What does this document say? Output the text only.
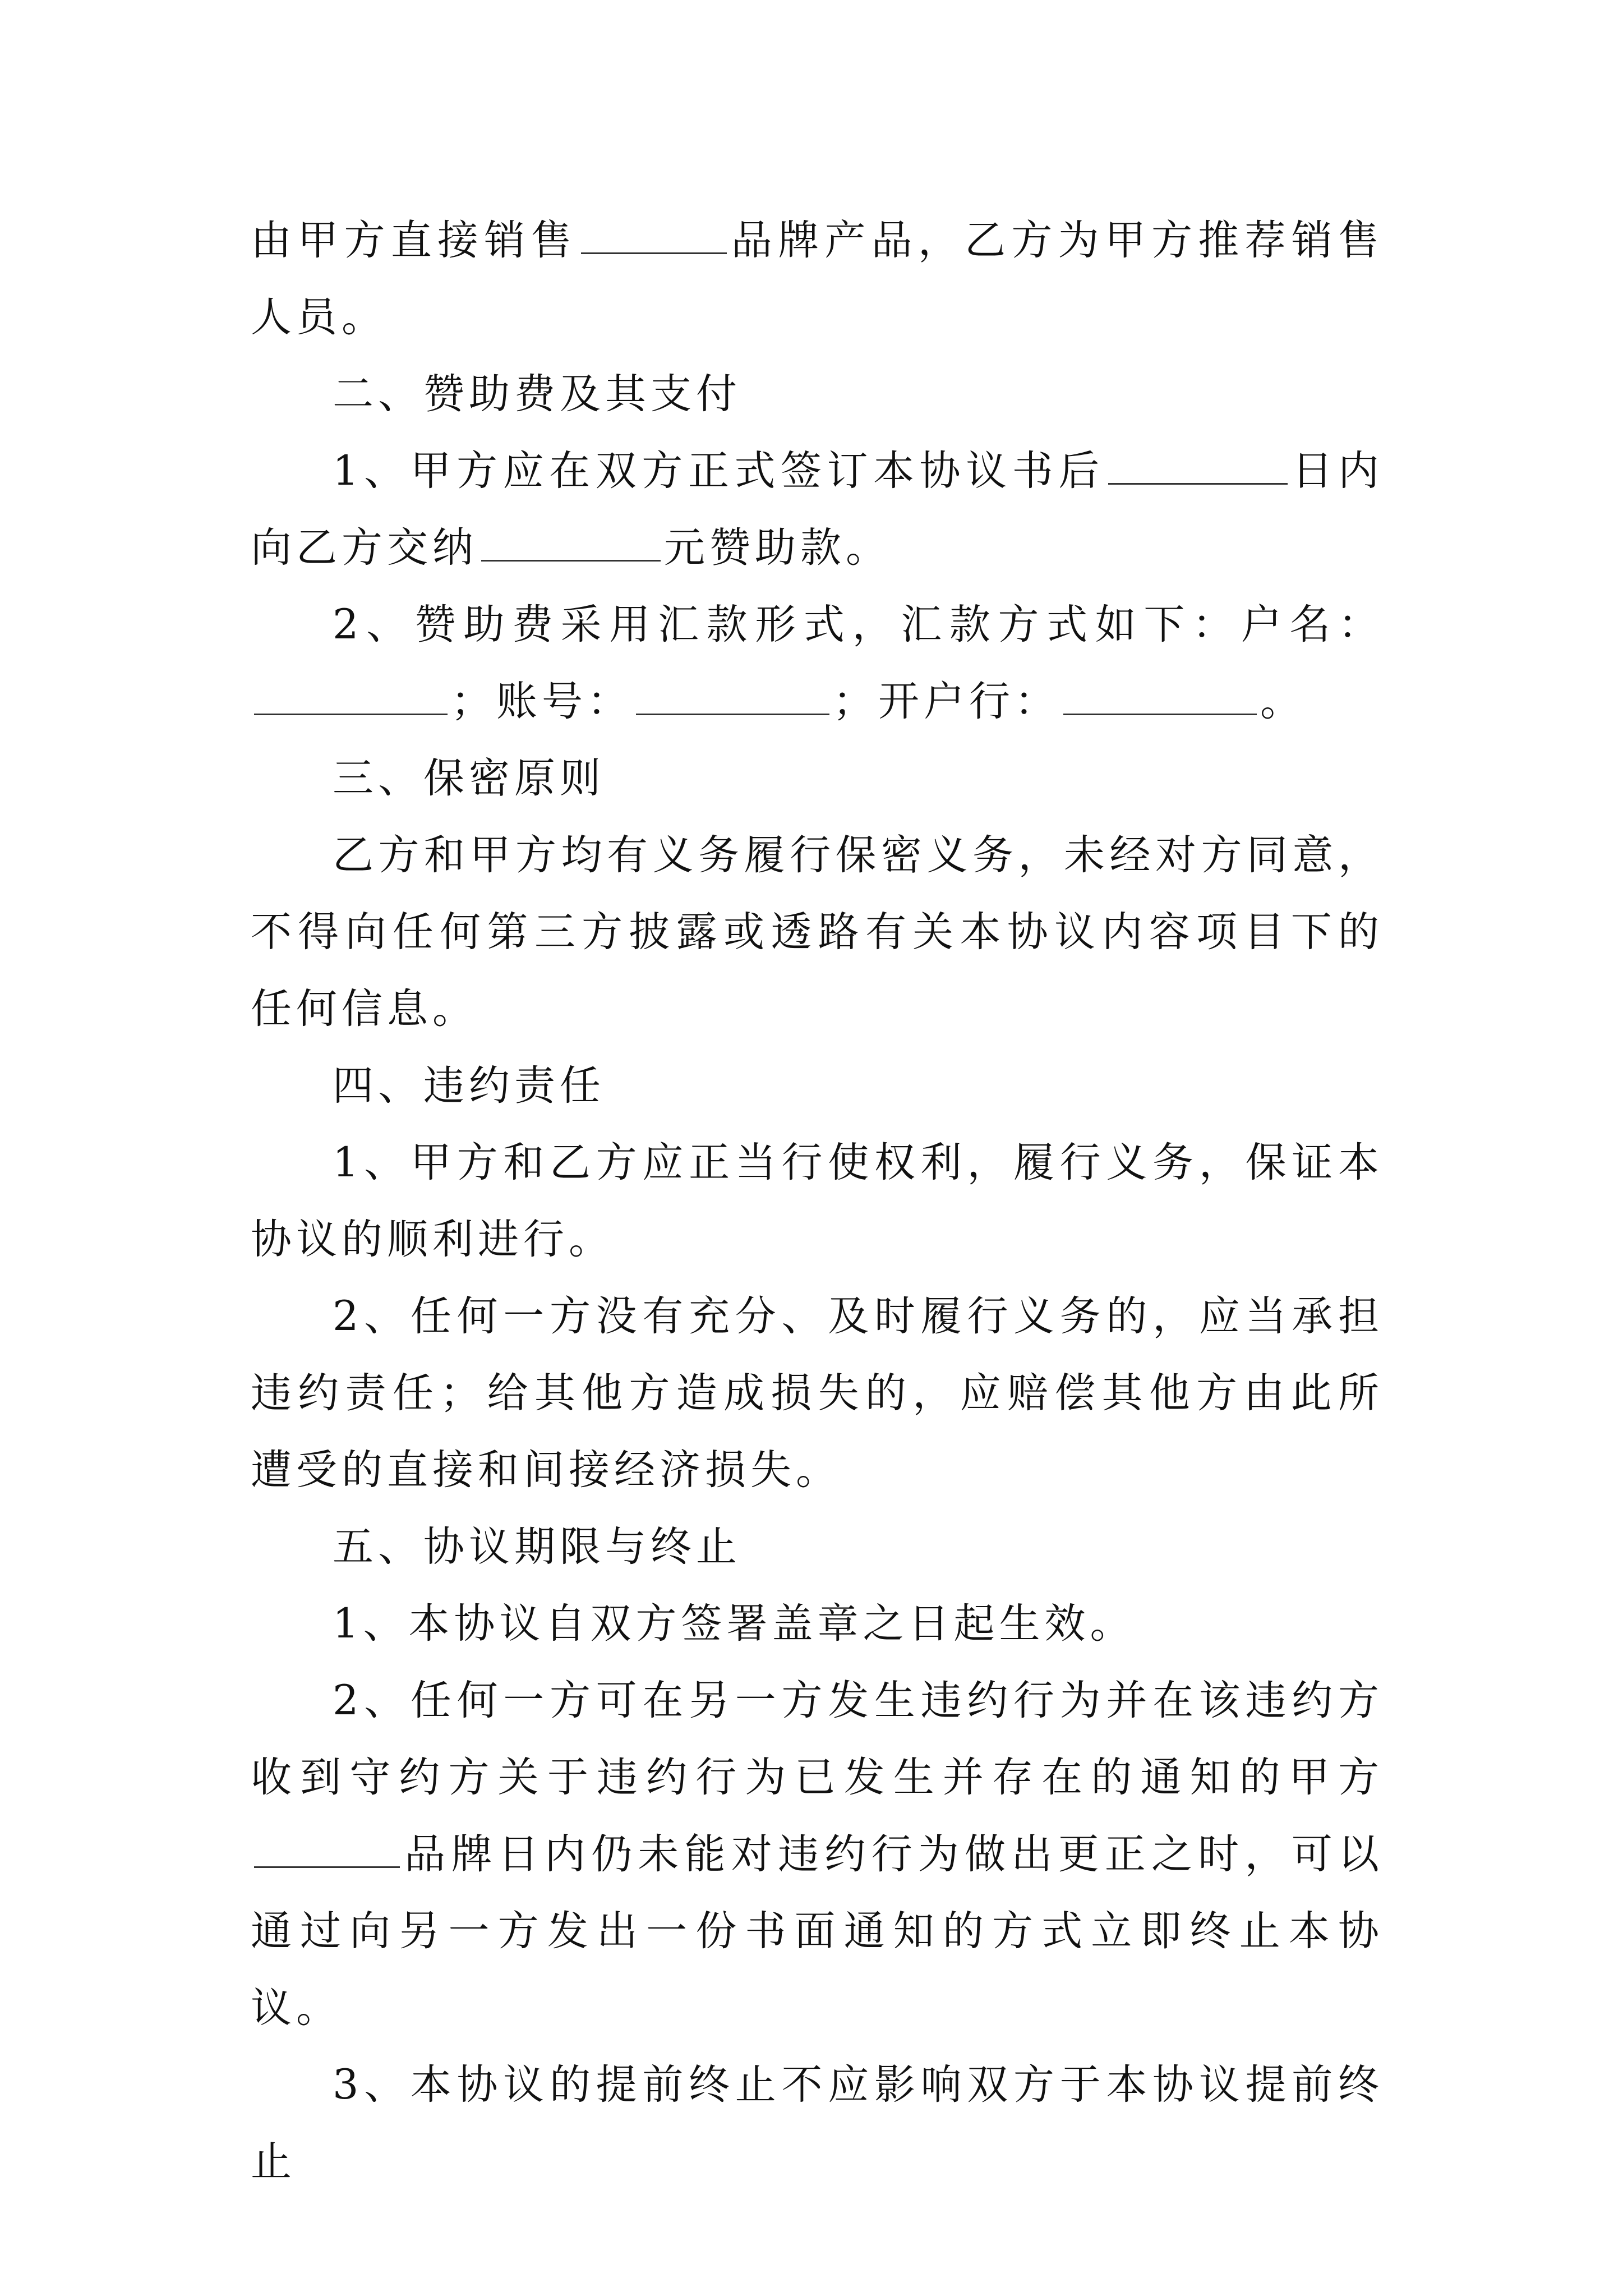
由甲方直接销售	品牌产品，乙方为甲方推荐销售人员。

二、赞助费及其支付

1、甲方应在双方正式签订本协议书后	日内向乙方交纳	元赞助款。

2、赞助费采用汇款形式，汇款方式如下：户名：；账号：	；开户行：	。

三、保密原则

乙方和甲方均有义务履行保密义务，未经对方同意，不得向任何第三方披露或透路有关本协议内容项目下的任何信息。

四、违约责任

1、甲方和乙方应正当行使权利，履行义务，保证本协议的顺利进行。

2、任何一方没有充分、及时履行义务的，应当承担违约责任；给其他方造成损失的，应赔偿其他方由此所遭受的直接和间接经济损失。

五、协议期限与终止

1、本协议自双方签署盖章之日起生效。

2、任何一方可在另一方发生违约行为并在该违约方收到守约方关于违约行为已发生并存在的通知的甲方品牌日内仍未能对违约行为做出更正之时，可以通过向另一方发出一份书面通知的方式立即终止本协议。

3、本协议的提前终止不应影响双方于本协议提前终止
